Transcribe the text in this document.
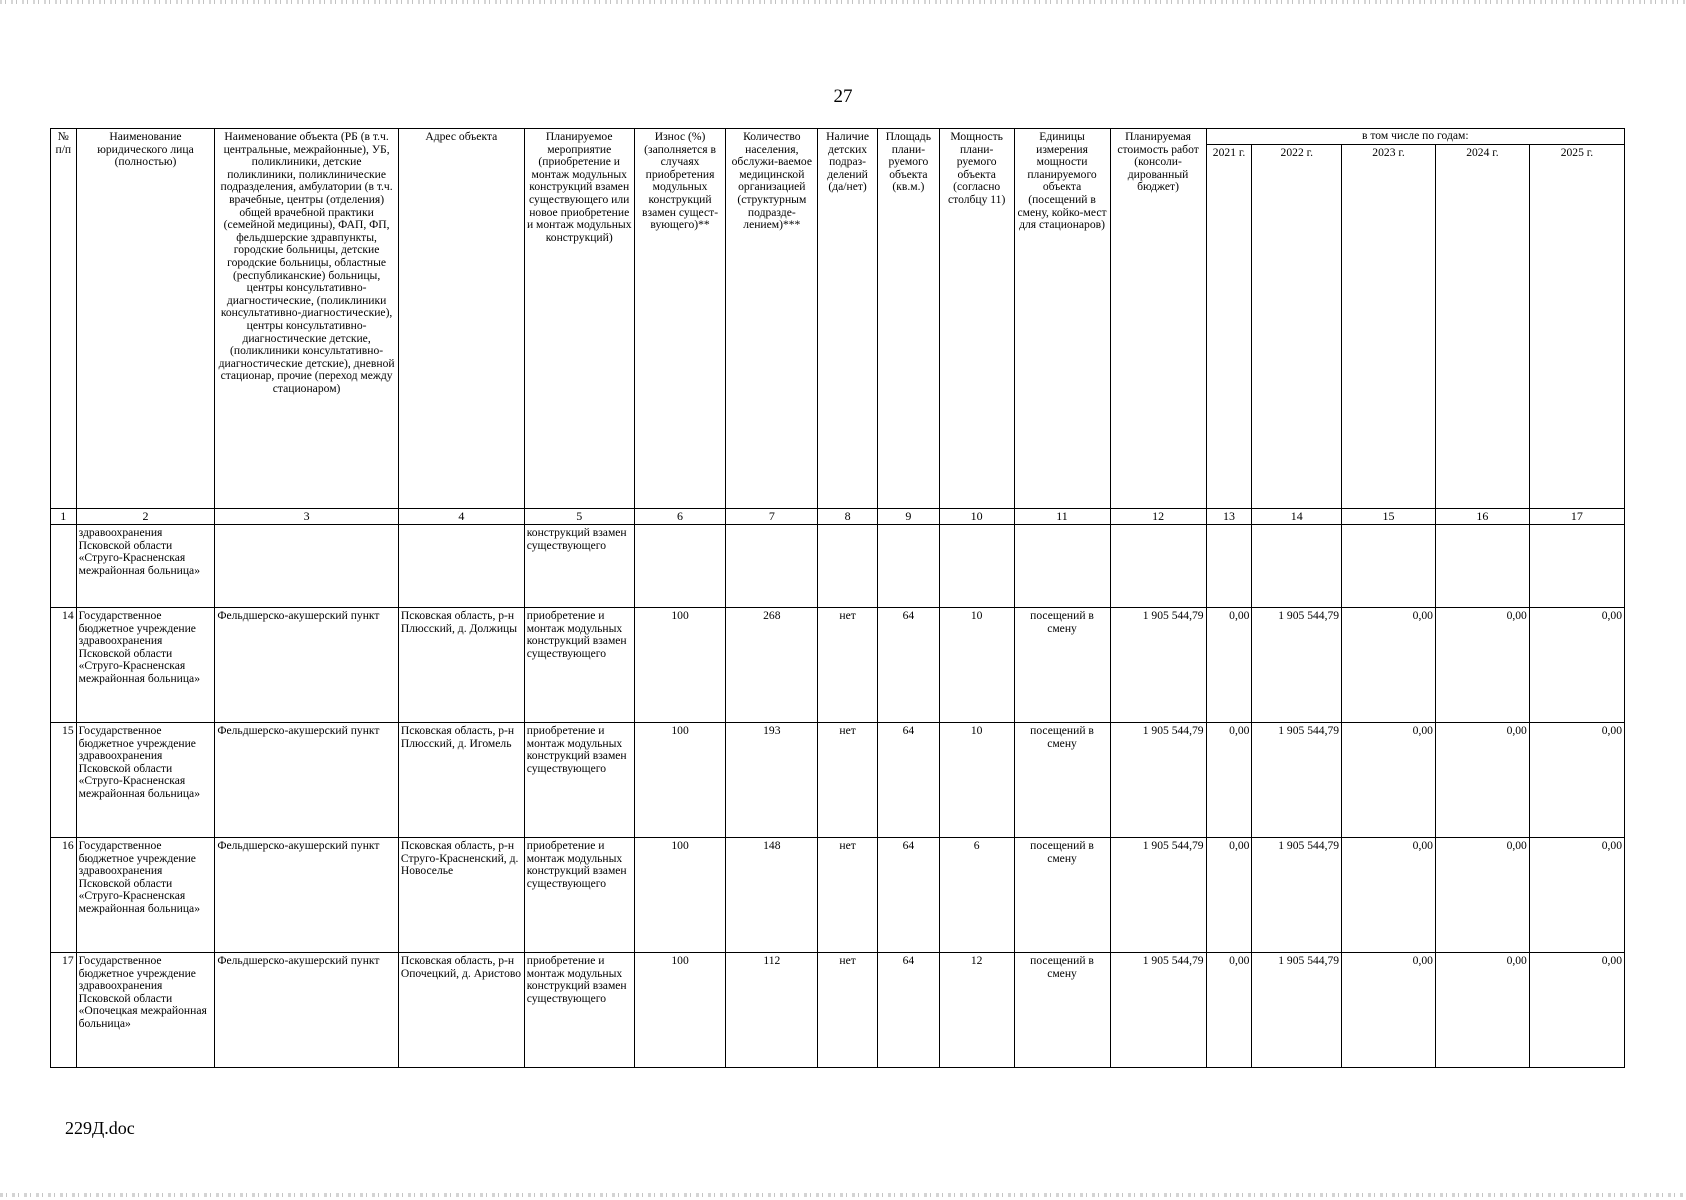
27
№ п/п	Наименование юридического лица (полностью)	Наименование объекта (РБ (в т.ч. центральные, межрайонные), УБ, поликлиники, детские поликлиники, поликлинические подразделения, амбулатории (в т.ч. врачебные, центры (отделения) общей врачебной практики (семейной медицины), ФАП, ФП, фельдшерские здравпункты, городские больницы, детские городские больницы, областные (республиканские) больницы, центры консультативно-диагностические, (поликлиники консультативно-диагностические), центры консультативно-диагностические детские, (поликлиники консультативно-диагностические детские), дневной стационар, прочие (переход между стационаром)	Адрес объекта	Планируемое мероприятие (приобретение и монтаж модульных конструкций взамен существующего или новое приобретение и монтаж модульных конструкций)	Износ (%) (заполняется в случаях приобретения модульных конструкций взамен сущест-вующего)**	Количество населения, обслужи-ваемое медицинской организацией (структурным подразде-лением)***	Наличие детских подраз-делений (да/нет)	Площадь плани-руемого объекта (кв.м.)	Мощность плани-руемого объекта (согласно столбцу 11)	Единицы измерения мощности планируемого объекта (посещений в смену, койко-мест для стационаров)	Планируемая стоимость работ (консоли-дированный бюджет)	в том числе по годам:				
												2021 г.	2022 г.	2023 г.	2024 г.	2025 г.
1	2	3	4	5	6	7	8	9	10	11	12	13	14	15	16	17
	здравоохранения Псковской области «Струго-Красненская межрайонная больница»			конструкций взамен существующего												
14	Государственное бюджетное учреждение здравоохранения Псковской области «Струго-Красненская межрайонная больница»	Фельдшерско-акушерский пункт	Псковская область, р-н Плюсский, д. Должицы	приобретение и монтаж модульных конструкций взамен существующего	100	268	нет	64	10	посещений в смену	1 905 544,79	0,00	1 905 544,79	0,00	0,00	0,00
15	Государственное бюджетное учреждение здравоохранения Псковской области «Струго-Красненская межрайонная больница»	Фельдшерско-акушерский пункт	Псковская область, р-н Плюсский, д. Игомель	приобретение и монтаж модульных конструкций взамен существующего	100	193	нет	64	10	посещений в смену	1 905 544,79	0,00	1 905 544,79	0,00	0,00	0,00
16	Государственное бюджетное учреждение здравоохранения Псковской области «Струго-Красненская межрайонная больница»	Фельдшерско-акушерский пункт	Псковская область, р-н Струго-Красненский, д. Новоселье	приобретение и монтаж модульных конструкций взамен существующего	100	148	нет	64	6	посещений в смену	1 905 544,79	0,00	1 905 544,79	0,00	0,00	0,00
17	Государственное бюджетное учреждение здравоохранения Псковской области «Опочецкая межрайонная больница»	Фельдшерско-акушерский пункт	Псковская область, р-н Опочецкий, д. Аристово	приобретение и монтаж модульных конструкций взамен существующего	100	112	нет	64	12	посещений в смену	1 905 544,79	0,00	1 905 544,79	0,00	0,00	0,00
229Д.doc
